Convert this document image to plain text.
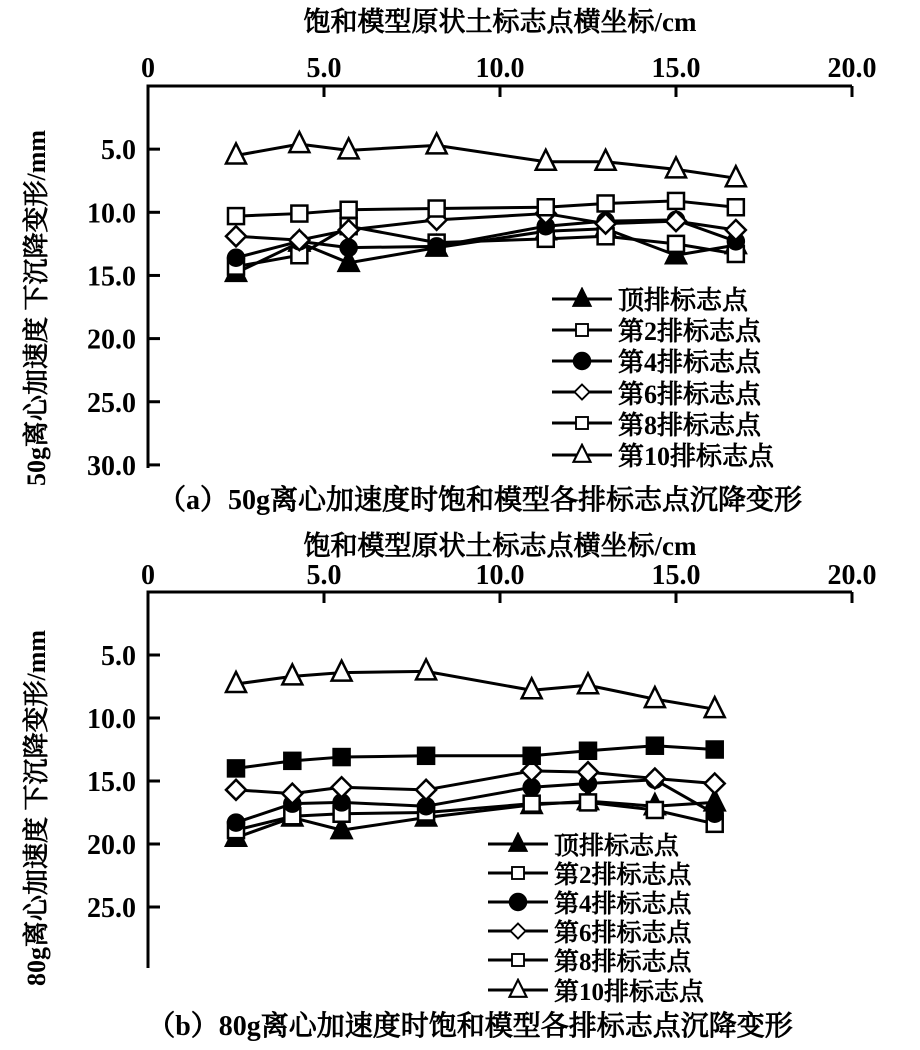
饱和模型原状土标志点横坐标/cm
50g离心加速度 下沉降变形/mm
0	5.0	10.0	15.0	20.0
5.0
10.0
15.0
20.0
25.0
30.0
顶排标志点
第2排标志点
第4排标志点
第6排标志点
第8排标志点
第10排标志点
（a）50g离心加速度时饱和模型各排标志点沉降变形
饱和模型原状土标志点横坐标/cm
80g离心加速度 下沉降变形/mm
0	5.0	10.0	15.0	20.0
5.0
10.0
15.0
20.0
25.0
顶排标志点
第2排标志点
第4排标志点
第6排标志点
第8排标志点
第10排标志点
（b）80g离心加速度时饱和模型各排标志点沉降变形
